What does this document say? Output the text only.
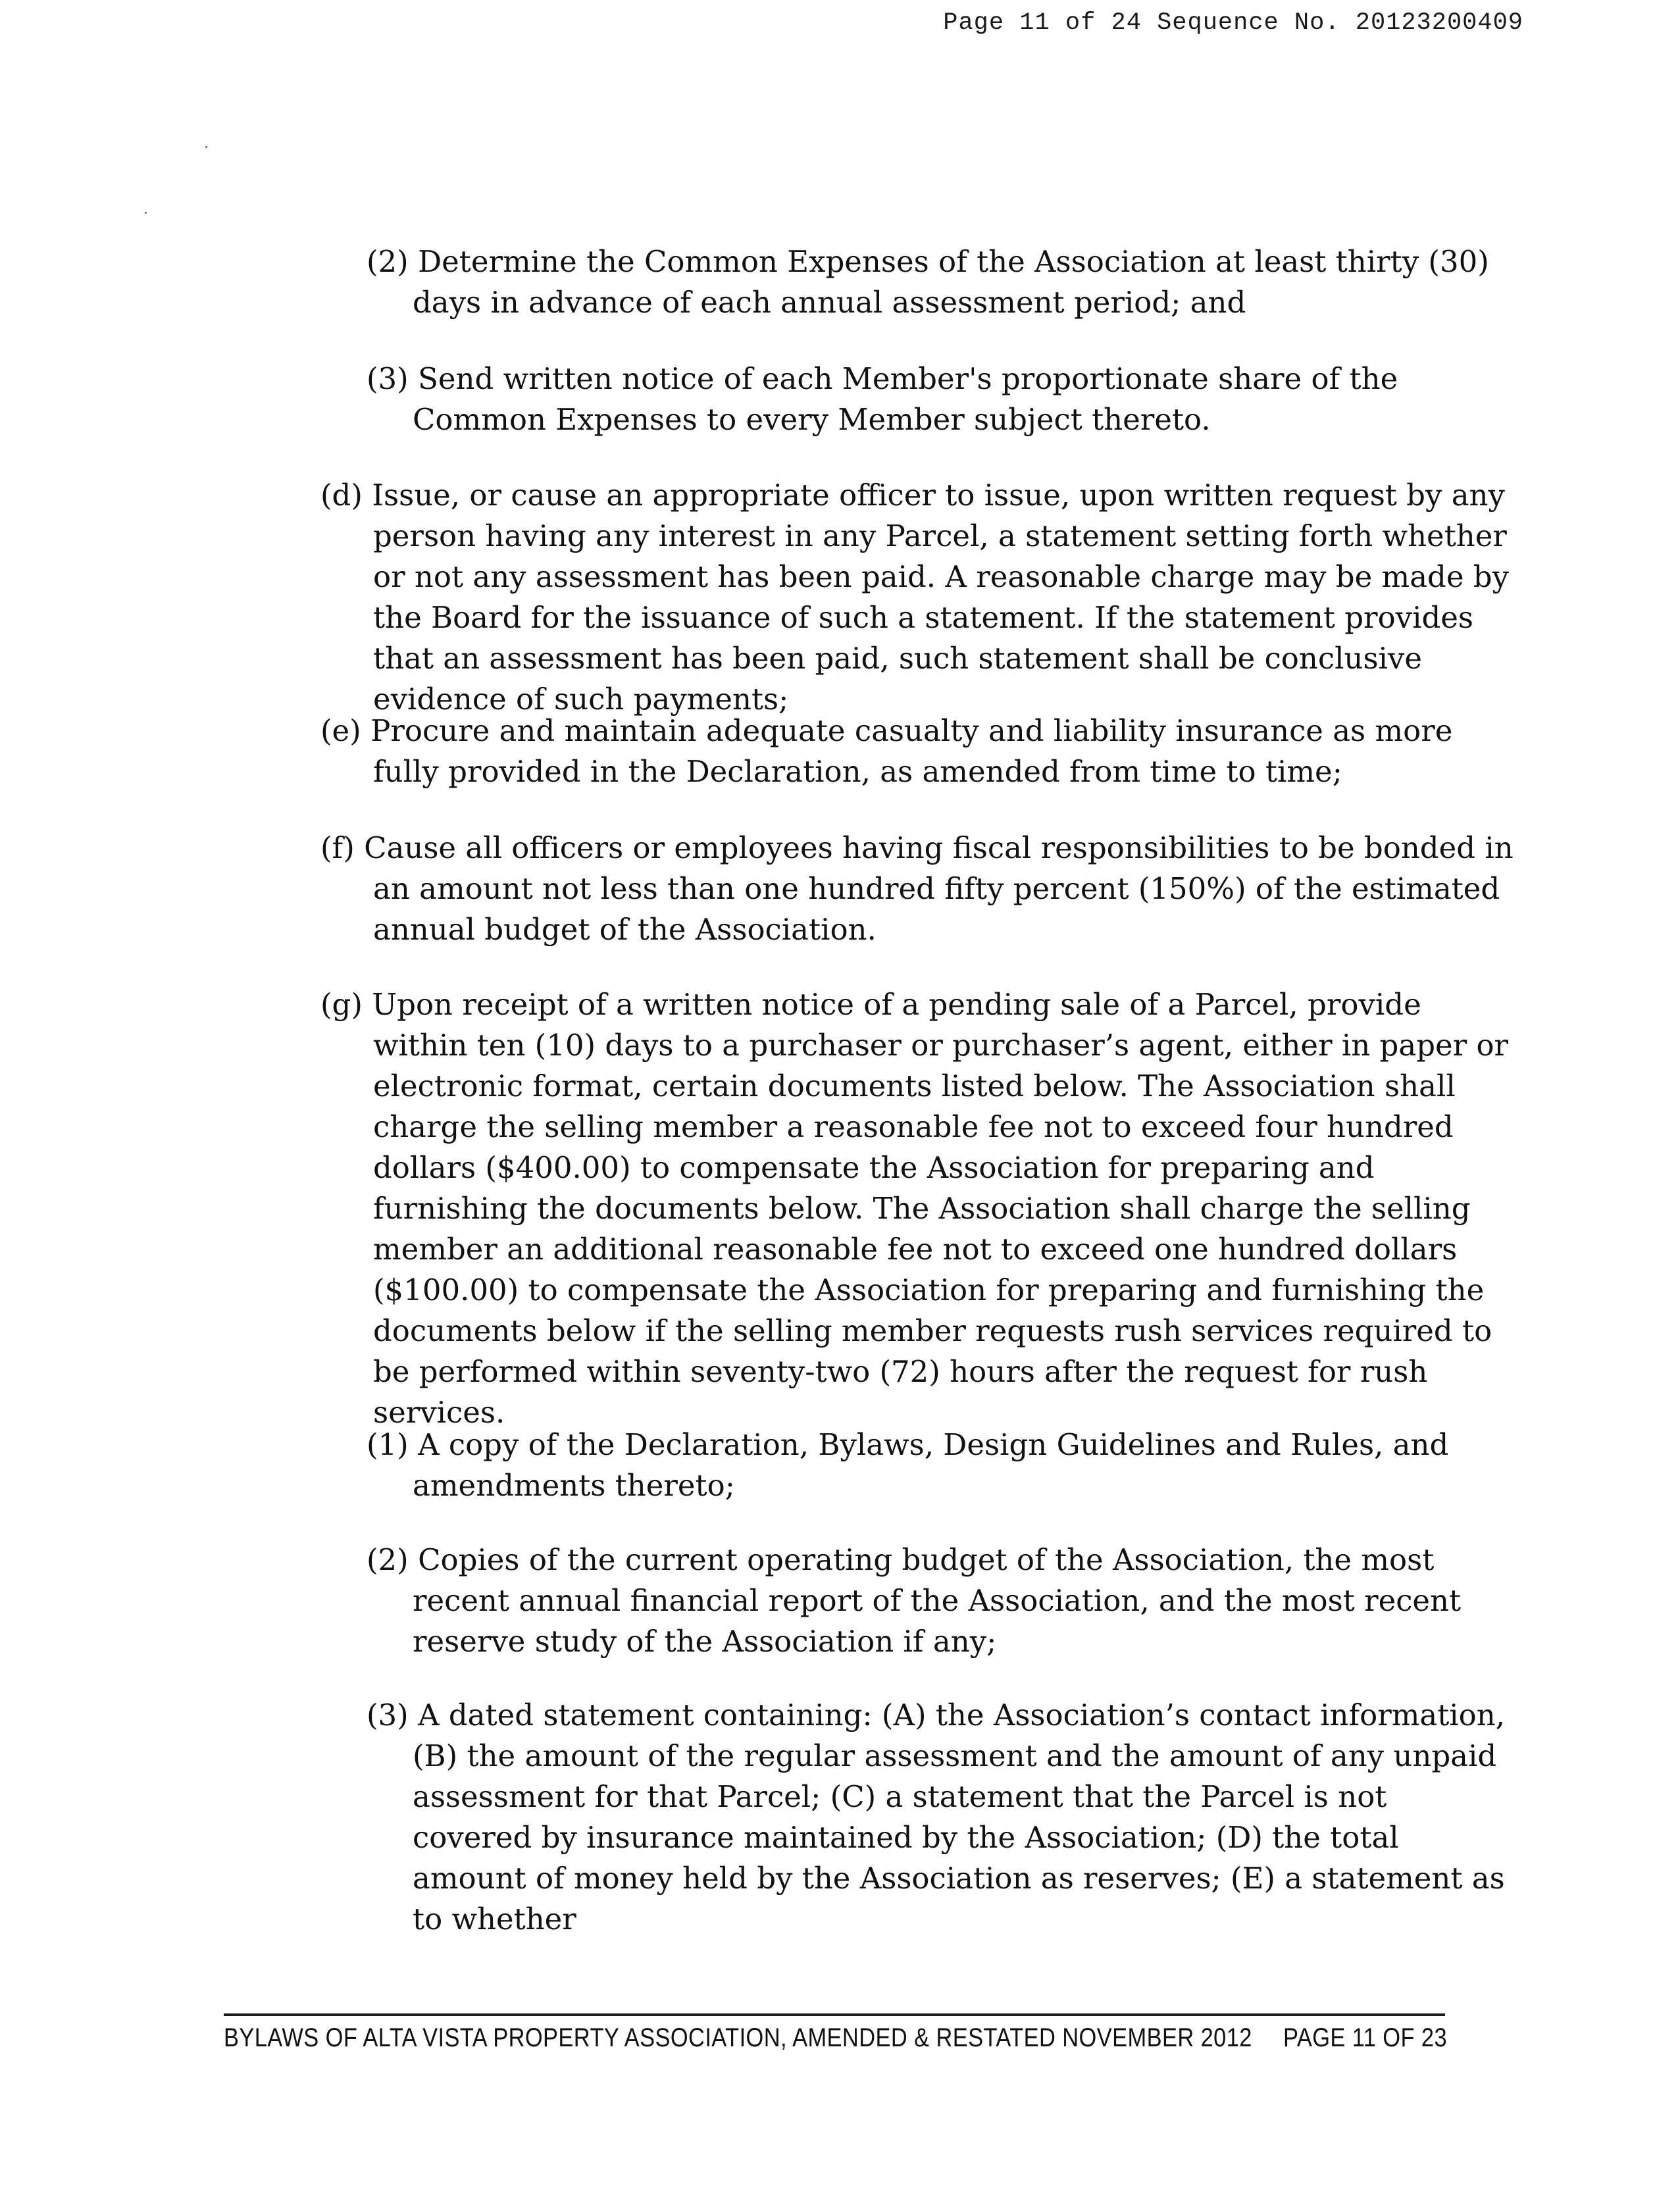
Page 11 of 24 Sequence No. 20123200409

(2) Determine the Common Expenses of the Association at least thirty (30) days in advance of each annual assessment period; and

(3) Send written notice of each Member's proportionate share of the Common Expenses to every Member subject thereto.

(d) Issue, or cause an appropriate officer to issue, upon written request by any person having any interest in any Parcel, a statement setting forth whether or not any assessment has been paid. A reasonable charge may be made by the Board for the issuance of such a statement. If the statement provides that an assessment has been paid, such statement shall be conclusive evidence of such payments;

(e) Procure and maintain adequate casualty and liability insurance as more fully provided in the Declaration, as amended from time to time;

(f) Cause all officers or employees having fiscal responsibilities to be bonded in an amount not less than one hundred fifty percent (150%) of the estimated annual budget of the Association.

(g) Upon receipt of a written notice of a pending sale of a Parcel, provide within ten (10) days to a purchaser or purchaser’s agent, either in paper or electronic format, certain documents listed below. The Association shall charge the selling member a reasonable fee not to exceed four hundred dollars ($400.00) to compensate the Association for preparing and furnishing the documents below. The Association shall charge the selling member an additional reasonable fee not to exceed one hundred dollars ($100.00) to compensate the Association for preparing and furnishing the documents below if the selling member requests rush services required to be performed within seventy-two (72) hours after the request for rush services.

(1) A copy of the Declaration, Bylaws, Design Guidelines and Rules, and amendments thereto;

(2) Copies of the current operating budget of the Association, the most recent annual financial report of the Association, and the most recent reserve study of the Association if any;

(3) A dated statement containing: (A) the Association’s contact information, (B) the amount of the regular assessment and the amount of any unpaid assessment for that Parcel; (C) a statement that the Parcel is not covered by insurance maintained by the Association; (D) the total amount of money held by the Association as reserves; (E) a statement as to whether

BYLAWS OF ALTA VISTA PROPERTY ASSOCIATION, AMENDED & RESTATED NOVEMBER 2012 PAGE 11 OF 23
